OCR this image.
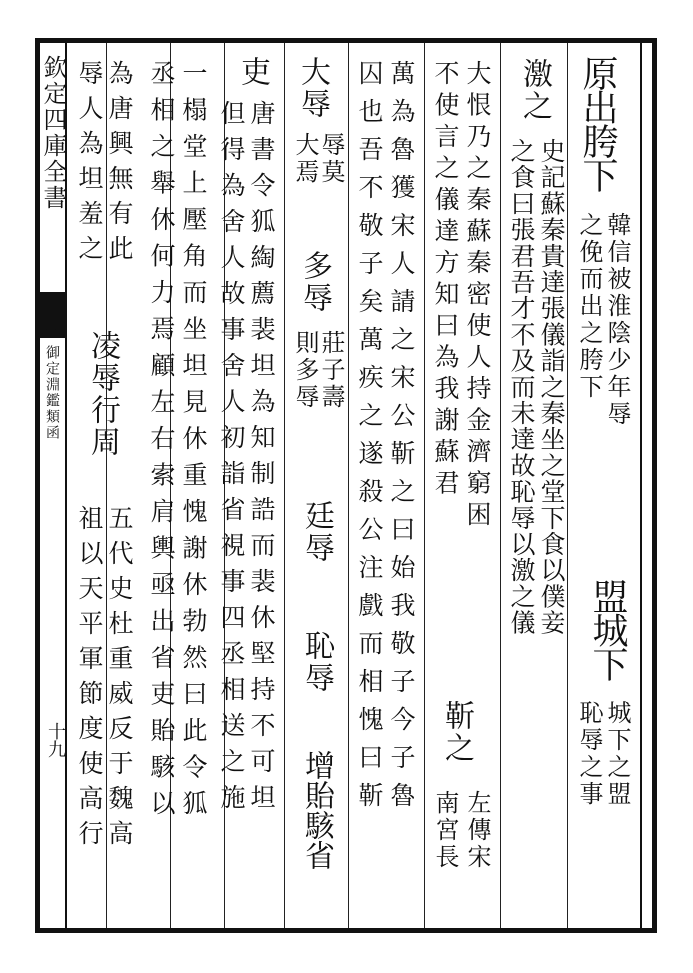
欽定四庫全書
御定淵鑑類函
十九
原出胯下
韓信被淮陰少年辱
之俛而出之胯下
盟城下
城下之盟
恥辱之事
激之
史記蘇秦貴達張儀詣之秦坐之堂下食以僕妾
之食曰張君吾才不及而未達故恥辱以激之儀
大恨乃之秦蘇秦密使人持金濟窮困
不使言之儀達方知曰為我謝蘇君
靳之
左傳宋
南宮長
萬為魯獲宋人請之宋公靳之曰始我敬子今子魯
囚也吾不敬子矣萬疾之遂殺公注戲而相愧曰靳
大辱
辱莫
大焉
多辱
莊子壽
則多辱
廷辱
恥辱
增貽駭省
吏
唐書令狐綯薦裴坦為知制誥而裴休堅持不可坦
但得為舍人故事舍人初詣省視事四丞相送之施
一榻堂上壓角而坐坦見休重愧謝休勃然曰此令狐
丞相之舉休何力焉顧左右索肩輿亟出省吏貽駭以
為唐興無有此
辱人為坦羞之
凌辱行周
五代史杜重威反于魏高
祖以天平軍節度使高行
